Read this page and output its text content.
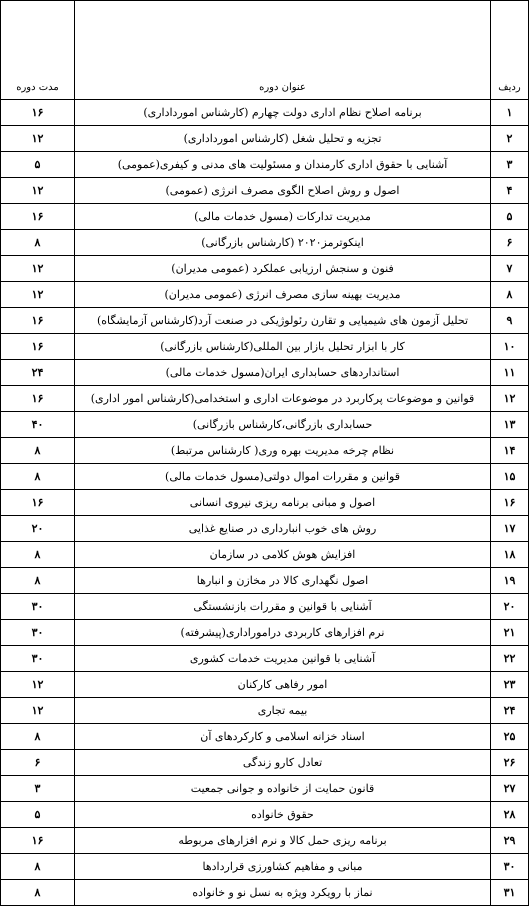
ردیف	عنوان دوره	مدت دوره
۱	برنامه اصلاح نظام اداری دولت چهارم (کارشناس امورداداری)	۱۶
۲	تجزیه و تحلیل شغل (کارشناس امورداداری)	۱۲
۳	آشنایی با حقوق اداری کارمندان و مسئولیت های مدنی و کیفری(عمومی)	۵
۴	اصول و روش اصلاح الگوی مصرف انرژی (عمومی)	۱۲
۵	مدیریت تدارکات (مسول خدمات مالی)	۱۶
۶	اینکوترمز۲۰۲۰ (کارشناس بازرگانی)	۸
۷	فنون و سنجش ارزیابی عملکرد (عمومی مدیران)	۱۲
۸	مدیریت بهینه سازی مصرف انرژی (عمومی مدیران)	۱۲
۹	تحلیل آزمون های شیمیایی و تقارن رئولوژیکی در صنعت آرد(کارشناس آزمایشگاه)	۱۶
۱۰	کار با ابزار تحلیل بازار بین المللی(کارشناس بازرگانی)	۱۶
۱۱	استانداردهای حسابداری ایران(مسول خدمات مالی)	۲۴
۱۲	قوانین و موضوعات پرکاربرد در موضوعات اداری و استخدامی(کارشناس امور اداری)	۱۶
۱۳	حسابداری بازرگانی،کارشناس بازرگانی)	۴۰
۱۴	نظام چرخه مدیریت بهره وری( کارشناس مرتبط)	۸
۱۵	قوانین و مقررات اموال دولتی(مسول خدمات مالی)	۸
۱۶	اصول و مبانی برنامه ریزی نیروی انسانی	۱۶
۱۷	روش های خوب انبارداری در صنایع غذایی	۲۰
۱۸	افزایش هوش کلامی در سازمان	۸
۱۹	اصول نگهداری کالا در مخازن و انبارها	۸
۲۰	آشنایی با قوانین و مقررات بازنشستگی	۳۰
۲۱	نرم افزارهای کاربردی دراموراداری(پیشرفته)	۳۰
۲۲	آشنایی با قوانین مدیریت خدمات کشوری	۳۰
۲۳	امور رفاهی کارکنان	۱۲
۲۴	بیمه تجاری	۱۲
۲۵	اسناد خزانه اسلامی و کارکردهای آن	۸
۲۶	تعادل کارو زندگی	۶
۲۷	قانون حمایت از خانواده و جوانی جمعیت	۳
۲۸	حقوق خانواده	۵
۲۹	برنامه ریزی حمل کالا و نرم افزارهای مربوطه	۱۶
۳۰	مبانی و مفاهیم کشاورزی قراردادها	۸
۳۱	نماز با رویکرد ویژه به نسل نو و خانواده	۸
